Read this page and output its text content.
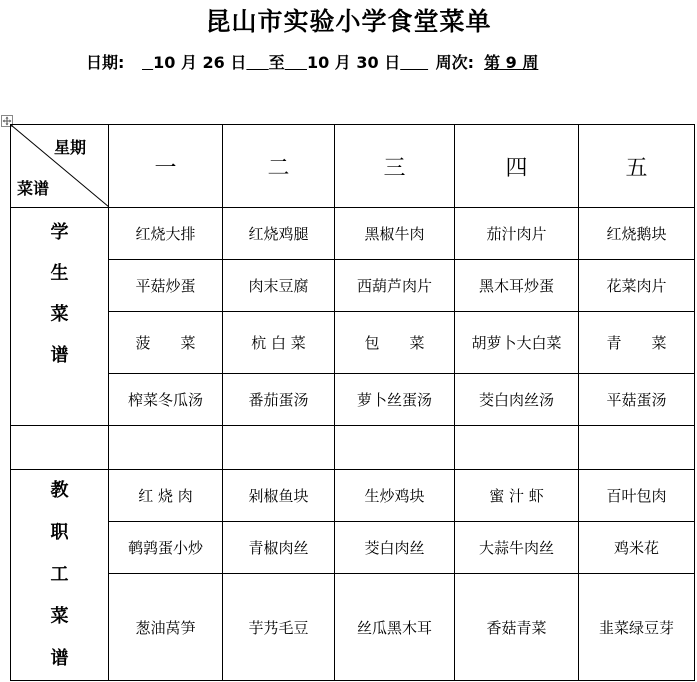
昆山市实验小学食堂菜单
日期: 10 月 26 日 至 10 月 30 日 周次: 第 9 周
星期
菜谱	一	二	三	四	五

学
生
菜
谱	红烧大排	红烧鸡腿	黑椒牛肉	茄汁肉片	红烧鹅块
	平菇炒蛋	肉末豆腐	西葫芦肉片	黑木耳炒蛋	花菜肉片
	菠　　菜	杭 白 菜	包　　菜	胡萝卜大白菜	青　　菜
	榨菜冬瓜汤	番茄蛋汤	萝卜丝蛋汤	茭白肉丝汤	平菇蛋汤

教
职
工
菜
谱	红 烧 肉	剁椒鱼块	生炒鸡块	蜜 汁 虾	百叶包肉
	鹌鹑蛋小炒	青椒肉丝	茭白肉丝	大蒜牛肉丝	鸡米花
	葱油莴笋	芋艿毛豆	丝瓜黑木耳	香菇青菜	韭菜绿豆芽
